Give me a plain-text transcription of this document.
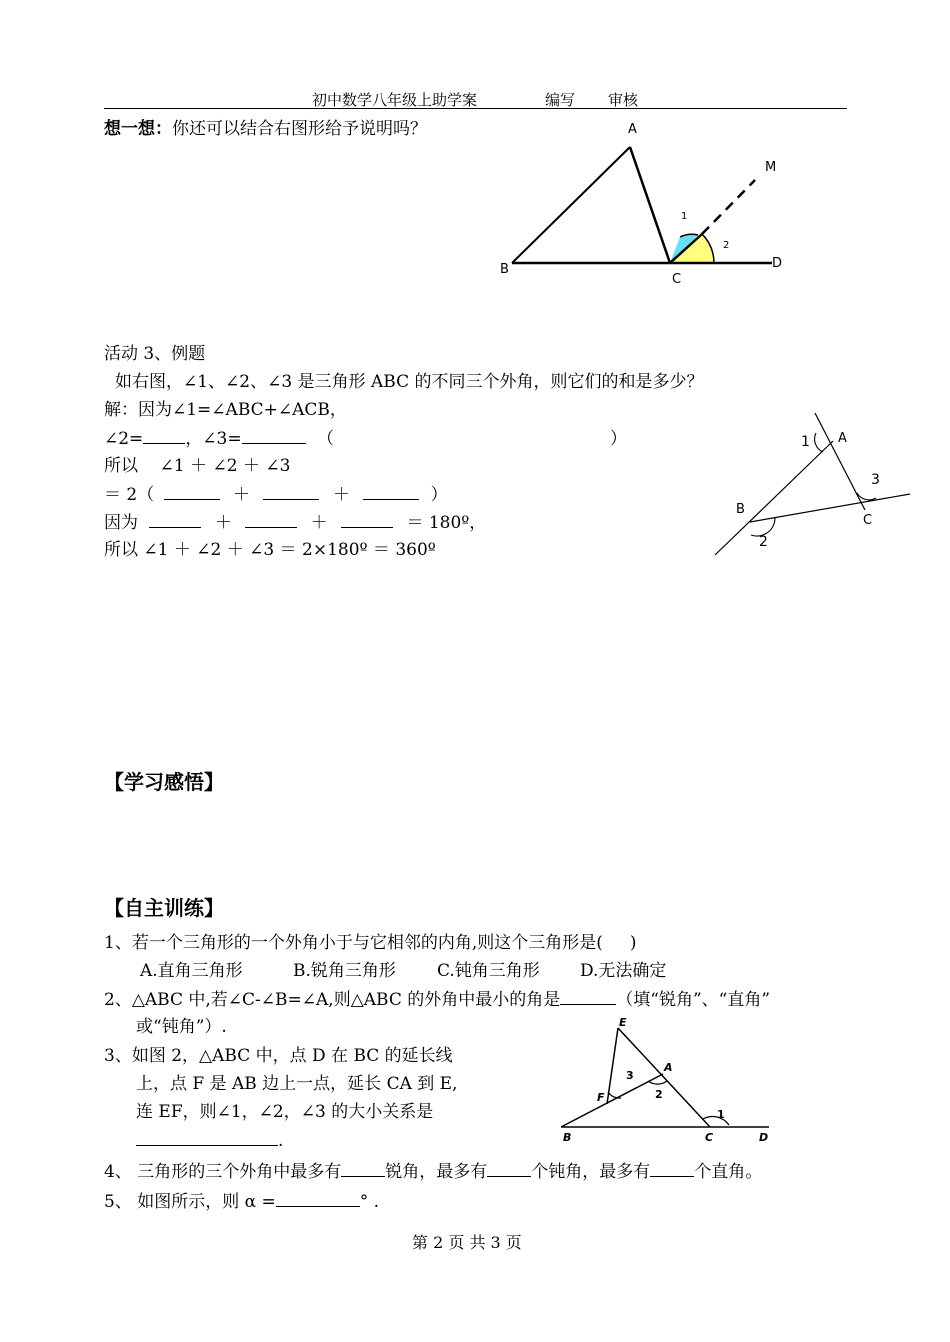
初中数学八年级上助学案	编写 审核
想一想：你还可以结合右图形给予说明吗？	A
B
C
D
M
1
2
活动 3、例题
如右图，∠1、∠2、∠3 是三角形 ABC 的不同三个外角，则它们的和是多少？
解：因为∠1=∠ABC+∠ACB，
∠2= ，∠3=	（	）
所以    ∠1 ＋ ∠2 ＋ ∠3
＝ 2（	＋	＋	）
因为	＋	＋	＝ 180º，
所以 ∠1 ＋ ∠2 ＋ ∠3 ＝ 2×180º ＝ 360º
1 A
3
B
C
2
【学习感悟】
【自主训练】
1、若一个三角形的一个外角小于与它相邻的内角,则这个三角形是(     )
A.直角三角形	B.锐角三角形 C.钝角三角形 D.无法确定
2、△ABC 中,若∠C-∠B=∠A,则△ABC 的外角中最小的角是	（填“锐角”、“直角”
或“钝角”）.
3、如图 2，△ABC 中，点 D 在 BC 的延长线
上，点 F 是 AB 边上一点，延长 CA 到 E,
连 EF，则∠1，∠2，∠3 的大小关系是
.
E
A
3
2
F
1
B	C	D
4、 三角形的三个外角中最多有	锐角，最多有	个钝角，最多有	个直角。
5、 如图所示，则 α =	° .
第 2 页 共 3 页
